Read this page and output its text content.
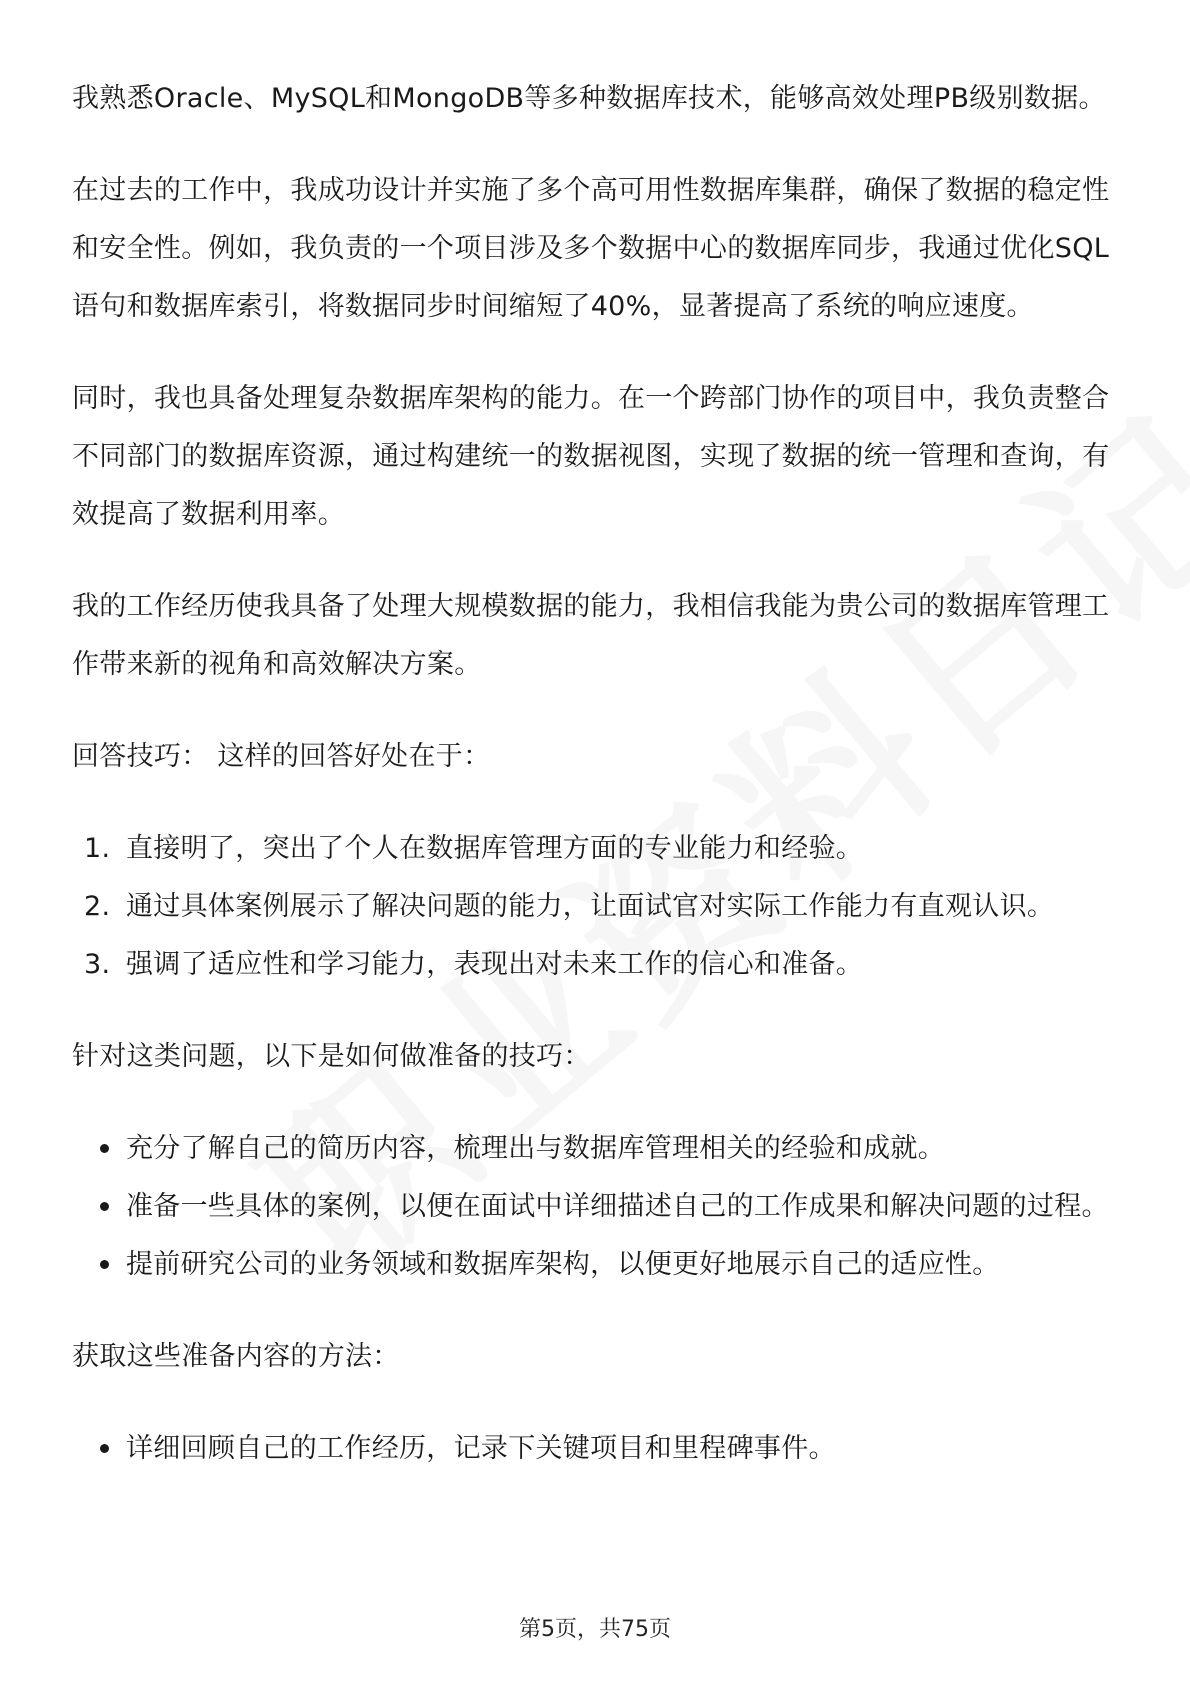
我熟悉Oracle、MySQL和MongoDB等多种数据库技术，能够高效处理PB级别数据。

在过去的工作中，我成功设计并实施了多个高可用性数据库集群，确保了数据的稳定性和安全性。例如，我负责的一个项目涉及多个数据中心的数据库同步，我通过优化SQL语句和数据库索引，将数据同步时间缩短了40%，显著提高了系统的响应速度。

同时，我也具备处理复杂数据库架构的能力。在一个跨部门协作的项目中，我负责整合不同部门的数据库资源，通过构建统一的数据视图，实现了数据的统一管理和查询，有效提高了数据利用率。

我的工作经历使我具备了处理大规模数据的能力，我相信我能为贵公司的数据库管理工作带来新的视角和高效解决方案。

回答技巧： 这样的回答好处在于：

1. 直接明了，突出了个人在数据库管理方面的专业能力和经验。
2. 通过具体案例展示了解决问题的能力，让面试官对实际工作能力有直观认识。
3. 强调了适应性和学习能力，表现出对未来工作的信心和准备。

针对这类问题，以下是如何做准备的技巧：

充分了解自己的简历内容，梳理出与数据库管理相关的经验和成就。
准备一些具体的案例，以便在面试中详细描述自己的工作成果和解决问题的过程。
提前研究公司的业务领域和数据库架构，以便更好地展示自己的适应性。

获取这些准备内容的方法：

详细回顾自己的工作经历，记录下关键项目和里程碑事件。
第5页，共75页
